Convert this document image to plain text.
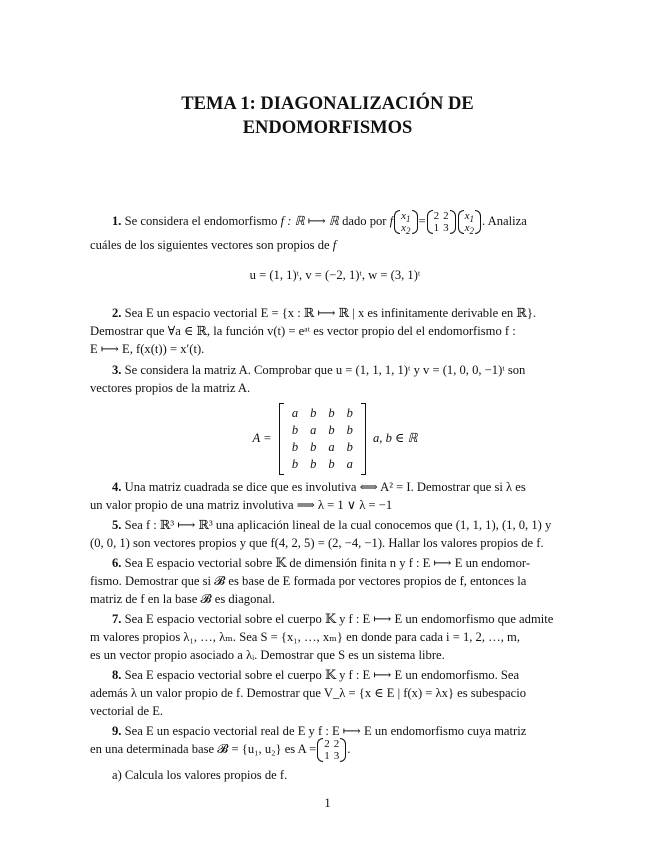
TEMA 1: DIAGONALIZACIÓN DE
ENDOMORFISMOS
1. Se considera el endomorfismo f : ℝ ⟼ ℝ dado por f $x_1$
$x_2$
= 2	2
1	3
$x_1$
$x_2$
. Analiza
cuáles de los siguientes vectores son propios de f
u = (1, 1)ᵗ, v = (−2, 1)ᵗ, w = (3, 1)ᵗ
2. Sea E un espacio vectorial E = {x : ℝ ⟼ ℝ | x es infinitamente derivable en ℝ}.
Demostrar que ∀a ∈ ℝ, la función v(t) = eᵃᵗ es vector propio del el endomorfismo f :
E ⟼ E, f(x(t)) = x′(t).
3. Se considera la matriz A. Comprobar que u = (1, 1, 1, 1)ᵗ y v = (1, 0, 0, −1)ᵗ son
vectores propios de la matriz A.
A =
a	b	b	b
b	a	b	b
b	b	a	b
b	b	b	a
a, b ∈ ℝ
4. Una matriz cuadrada se dice que es involutiva ⟺ A² = I. Demostrar que si λ es
un valor propio de una matriz involutiva ⟹ λ = 1 ∨ λ = −1
5. Sea f : ℝ³ ⟼ ℝ³ una aplicación lineal de la cual conocemos que (1, 1, 1), (1, 0, 1) y
(0, 0, 1) son vectores propios y que f(4, 2, 5) = (2, −4, −1). Hallar los valores propios de f.
6. Sea E espacio vectorial sobre 𝕂 de dimensión finita n y f : E ⟼ E un endomor-
fismo. Demostrar que si 𝓑 es base de E formada por vectores propios de f, entonces la
matriz de f en la base 𝓑 es diagonal.
7. Sea E espacio vectorial sobre el cuerpo 𝕂 y f : E ⟼ E un endomorfismo que admite
m valores propios λ₁, …, λₘ. Sea S = {x₁, …, xₘ} en donde para cada i = 1, 2, …, m,
es un vector propio asociado a λᵢ. Demostrar que S es un sistema libre.
8. Sea E espacio vectorial sobre el cuerpo 𝕂 y f : E ⟼ E un endomorfismo. Sea
además λ un valor propio de f. Demostrar que V_λ = {x ∈ E | f(x) = λx} es subespacio
vectorial de E.
9. Sea E un espacio vectorial real de E y f : E ⟼ E un endomorfismo cuya matriz
en una determinada base 𝓑 = {u₁, u₂} es A = 2	2
1	3
.
a) Calcula los valores propios de f.
1
